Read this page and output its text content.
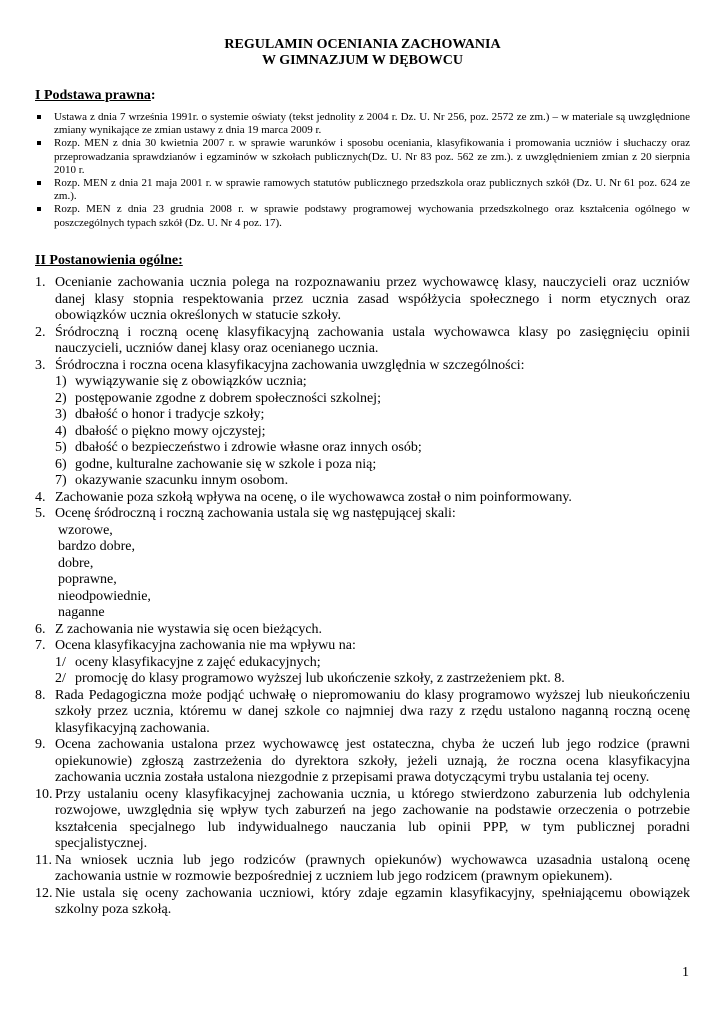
REGULAMIN OCENIANIA ZACHOWANIA
W GIMNAZJUM W DĘBOWCU
I Podstawa prawna:
Ustawa z dnia 7 września 1991r. o systemie oświaty (tekst jednolity z 2004 r. Dz. U. Nr 256, poz. 2572 ze zm.) – w materiale są uwzględnione zmiany wynikające ze zmian ustawy z dnia 19 marca 2009 r.
Rozp. MEN z dnia 30 kwietnia 2007 r. w sprawie warunków i sposobu oceniania, klasyfikowania i promowania uczniów i słuchaczy oraz przeprowadzania sprawdzianów i egzaminów w szkołach publicznych(Dz. U. Nr 83 poz. 562 ze zm.). z uwzględnieniem zmian z 20 sierpnia 2010 r.
Rozp. MEN z dnia 21 maja 2001 r. w sprawie ramowych statutów publicznego przedszkola oraz publicznych szkół (Dz. U. Nr 61 poz. 624 ze zm.).
Rozp. MEN z dnia 23 grudnia 2008 r. w sprawie podstawy programowej wychowania przedszkolnego oraz kształcenia ogólnego w poszczególnych typach szkół (Dz. U. Nr 4 poz. 17).
II Postanowienia ogólne:
1. Ocenianie zachowania ucznia polega na rozpoznawaniu przez wychowawcę klasy, nauczycieli oraz uczniów danej klasy stopnia respektowania przez ucznia zasad współżycia społecznego i norm etycznych oraz obowiązków ucznia określonych w statucie szkoły.
2. Śródroczną i roczną ocenę klasyfikacyjną zachowania ustala wychowawca klasy po zasięgnięciu opinii nauczycieli, uczniów danej klasy oraz ocenianego ucznia.
3. Śródroczna i roczna ocena klasyfikacyjna zachowania uwzględnia w szczególności:
1) wywiązywanie się z obowiązków ucznia;
2) postępowanie zgodne z dobrem społeczności szkolnej;
3) dbałość o honor i tradycje szkoły;
4) dbałość o piękno mowy ojczystej;
5) dbałość o bezpieczeństwo i zdrowie własne oraz innych osób;
6) godne, kulturalne zachowanie się w szkole i poza nią;
7) okazywanie szacunku innym osobom.
4. Zachowanie poza szkołą wpływa na ocenę, o ile wychowawca został o nim poinformowany.
5. Ocenę śródroczną i roczną zachowania ustala się wg następującej skali:
wzorowe,
bardzo dobre,
dobre,
poprawne,
nieodpowiednie,
naganne
6. Z zachowania nie wystawia się ocen bieżących.
7. Ocena klasyfikacyjna zachowania nie ma wpływu na:
1/ oceny klasyfikacyjne z zajęć edukacyjnych;
2/ promocję do klasy programowo wyższej lub ukończenie szkoły, z zastrzeżeniem pkt. 8.
8. Rada Pedagogiczna może podjąć uchwałę o niepromowaniu do klasy programowo wyższej lub nieukończeniu szkoły przez ucznia, któremu w danej szkole co najmniej dwa razy z rzędu ustalono naganną roczną ocenę klasyfikacyjną zachowania.
9. Ocena zachowania ustalona przez wychowawcę jest ostateczna, chyba że uczeń lub jego rodzice (prawni opiekunowie) zgłoszą zastrzeżenia do dyrektora szkoły, jeżeli uznają, że roczna ocena klasyfikacyjna zachowania ucznia została ustalona niezgodnie z przepisami prawa dotyczącymi trybu ustalania tej oceny.
10. Przy ustalaniu oceny klasyfikacyjnej zachowania ucznia, u którego stwierdzono zaburzenia lub odchylenia rozwojowe, uwzględnia się wpływ tych zaburzeń na jego zachowanie na podstawie orzeczenia o potrzebie kształcenia specjalnego lub indywidualnego nauczania lub opinii PPP, w tym publicznej poradni specjalistycznej.
11. Na wniosek ucznia lub jego rodziców (prawnych opiekunów) wychowawca uzasadnia ustaloną ocenę zachowania ustnie w rozmowie bezpośredniej z uczniem lub jego rodzicem (prawnym opiekunem).
12. Nie ustala się oceny zachowania uczniowi, który zdaje egzamin klasyfikacyjny, spełniającemu obowiązek szkolny poza szkołą.
1
